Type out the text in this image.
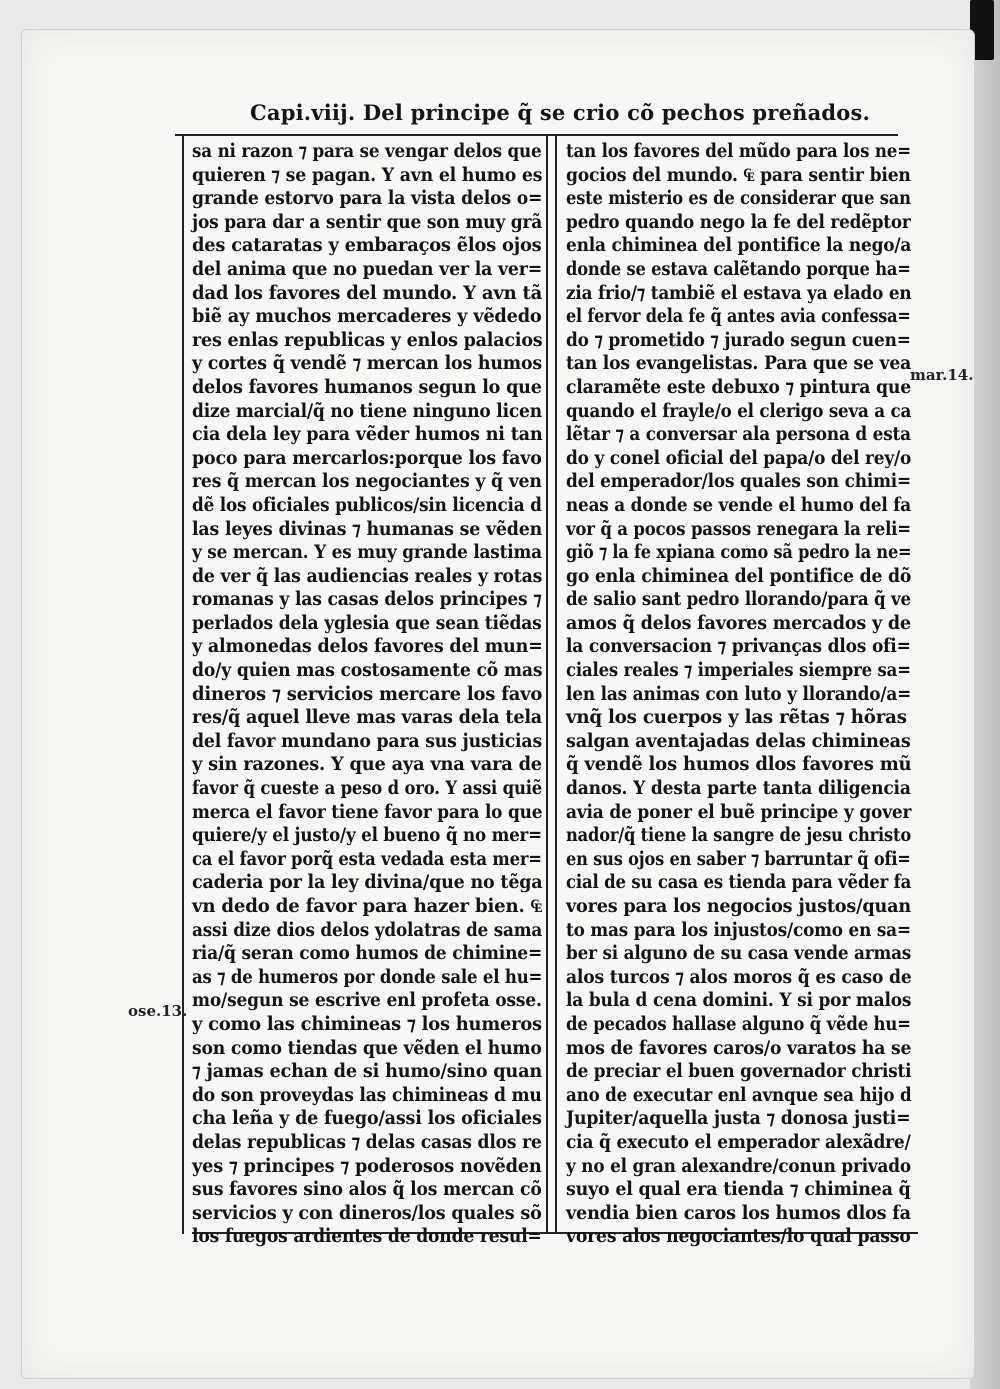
Capi.viij. Del principe q̃ se crio cõ pechos preñados.
sa ni razon ⁊ para se vengar delos que
quieren ⁊ se pagan. Y avn el humo es
grande estorvo para la vista delos o=
jos para dar a sentir que son muy grã
des cataratas y embaraços ẽlos ojos
del anima que no puedan ver la ver=
dad los favores del mundo. Y avn tã
biẽ ay muchos mercaderes y vẽdedo
res enlas republicas y enlos palacios
y cortes q̃ vendẽ ⁊ mercan los humos
delos favores humanos segun lo que
dize marcial/q̃ no tiene ninguno licen
cia dela ley para vẽder humos ni tan
poco para mercarlos:porque los favo
res q̃ mercan los negociantes y q̃ ven
dẽ los oficiales publicos/sin licencia d
las leyes divinas ⁊ humanas se vẽden
y se mercan. Y es muy grande lastima
de ver q̃ las audiencias reales y rotas
romanas y las casas delos principes ⁊
perlados dela yglesia que sean tiẽdas
y almonedas delos favores del mun=
do/y quien mas costosamente cõ mas
dineros ⁊ servicios mercare los favo
res/q̃ aquel lleve mas varas dela tela
del favor mundano para sus justicias
y sin razones. Y que aya vna vara de
favor q̃ cueste a peso d oro. Y assi quiẽ
merca el favor tiene favor para lo que
quiere/y el justo/y el bueno q̃ no mer=
ca el favor porq̃ esta vedada esta mer=
caderia por la ley divina/que no tẽga
vn dedo de favor para hazer bien. ₠
assi dize dios delos ydolatras de sama
ria/q̃ seran como humos de chimine=
as ⁊ de humeros por donde sale el hu=
mo/segun se escrive enl profeta osse.
y como las chimineas ⁊ los humeros
son como tiendas que vẽden el humo
⁊ jamas echan de si humo/sino quan
do son proveydas las chimineas d mu
cha leña y de fuego/assi los oficiales
delas republicas ⁊ delas casas dlos re
yes ⁊ principes ⁊ poderosos novẽden
sus favores sino alos q̃ los mercan cõ
servicios y con dineros/los quales sõ
los fuegos ardientes de donde resul=
tan los favores del mũdo para los ne=
gocios del mundo. ₠ para sentir bien
este misterio es de considerar que san
pedro quando nego la fe del redẽptor
enla chiminea del pontifice la nego/a
donde se estava calẽtando porque ha=
zia frio/⁊ tambiẽ el estava ya elado en
el fervor dela fe q̃ antes avia confessa=
do ⁊ prometido ⁊ jurado segun cuen=
tan los evangelistas. Para que se vea
claramẽte este debuxo ⁊ pintura que
quando el frayle/o el clerigo seva a ca
lẽtar ⁊ a conversar ala persona d esta
do y conel oficial del papa/o del rey/o
del emperador/los quales son chimi=
neas a donde se vende el humo del fa
vor q̃ a pocos passos renegara la reli=
giõ ⁊ la fe xpiana como sã pedro la ne=
go enla chiminea del pontifice de dõ
de salio sant pedro llorando/para q̃ ve
amos q̃ delos favores mercados y de
la conversacion ⁊ privanças dlos ofi=
ciales reales ⁊ imperiales siempre sa=
len las animas con luto y llorando/a=
vnq̃ los cuerpos y las rẽtas ⁊ hõras
salgan aventajadas delas chimineas
q̃ vendẽ los humos dlos favores mũ
danos. Y desta parte tanta diligencia
avia de poner el buẽ principe y gover
nador/q̃ tiene la sangre de jesu christo
en sus ojos en saber ⁊ barruntar q̃ ofi=
cial de su casa es tienda para vẽder fa
vores para los negocios justos/quan
to mas para los injustos/como en sa=
ber si alguno de su casa vende armas
alos turcos ⁊ alos moros q̃ es caso de
la bula d cena domini. Y si por malos
de pecados hallase alguno q̃ vẽde hu=
mos de favores caros/o varatos ha se
de preciar el buen governador christi
ano de executar enl avnque sea hijo d
Jupiter/aquella justa ⁊ donosa justi=
cia q̃ executo el emperador alexãdre/
y no el gran alexandre/conun privado
suyo el qual era tienda ⁊ chiminea q̃
vendia bien caros los humos dlos fa
vores alos negociantes/lo qual passo
mar.14.
ose.13.
